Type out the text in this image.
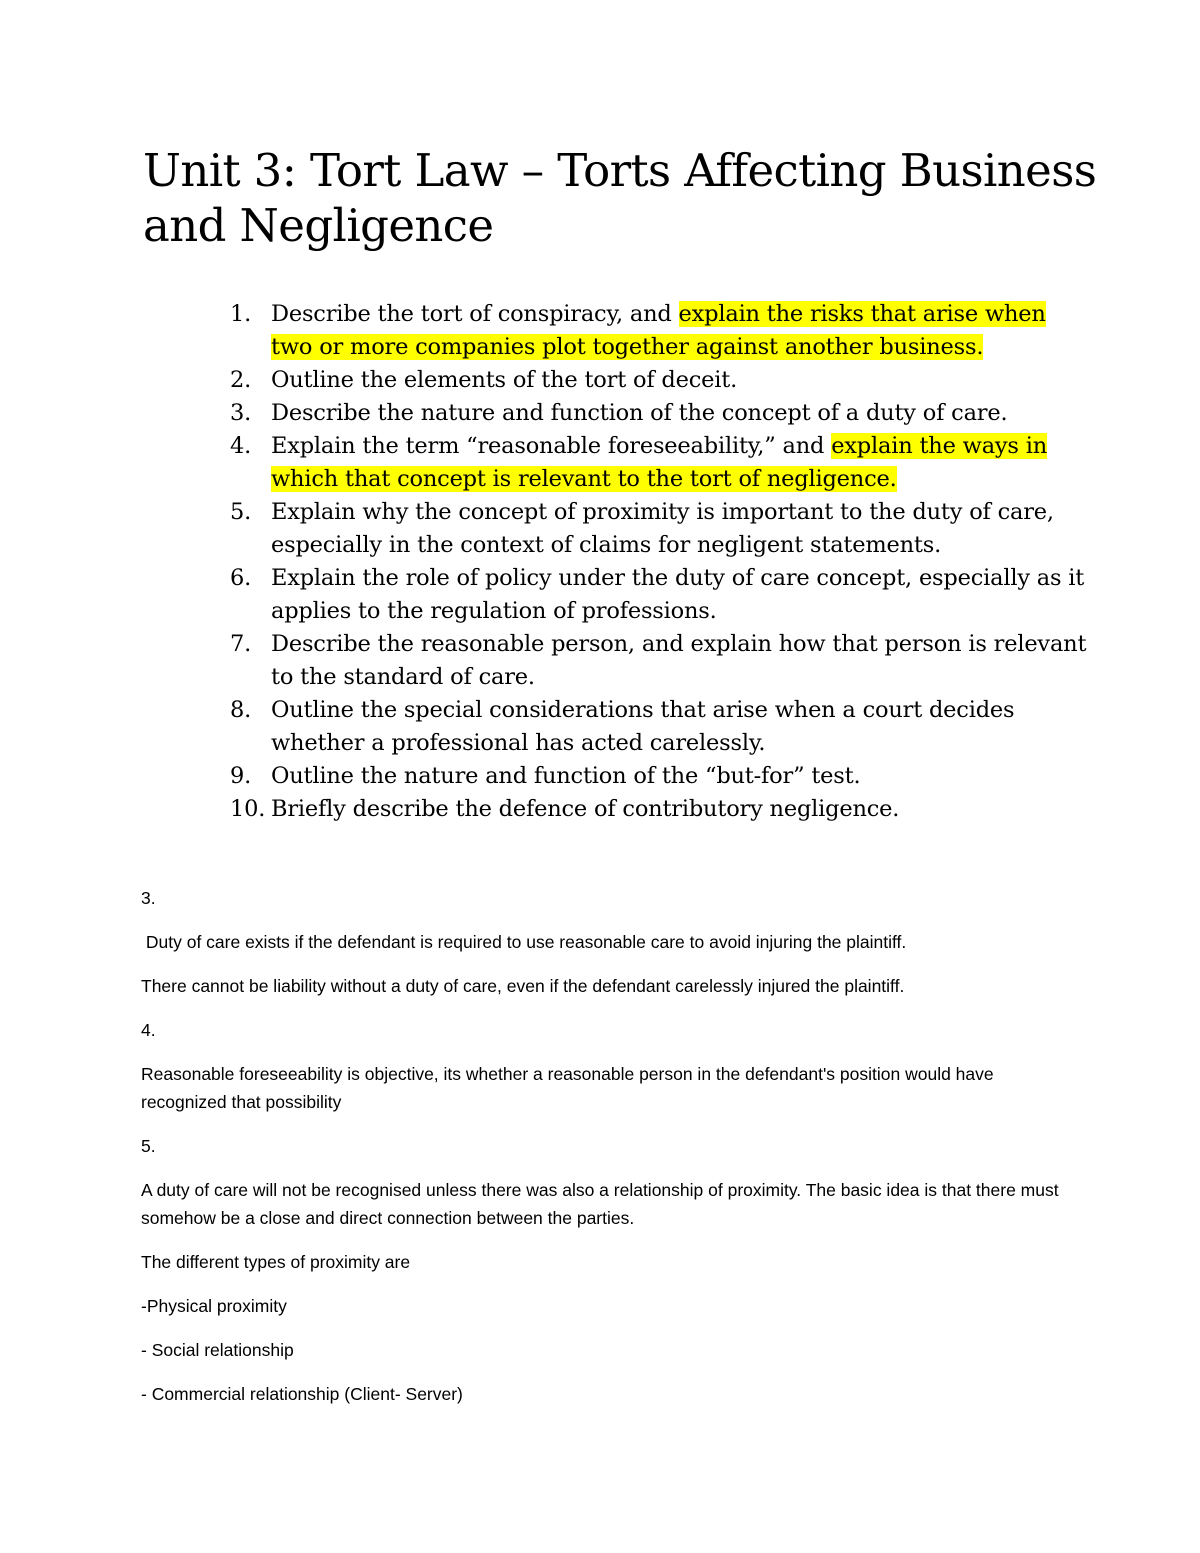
Unit 3: Tort Law – Torts Affecting Business and Negligence
1. Describe the tort of conspiracy, and explain the risks that arise when two or more companies plot together against another business.
2. Outline the elements of the tort of deceit.
3. Describe the nature and function of the concept of a duty of care.
4. Explain the term “reasonable foreseeability,” and explain the ways in which that concept is relevant to the tort of negligence.
5. Explain why the concept of proximity is important to the duty of care, especially in the context of claims for negligent statements.
6. Explain the role of policy under the duty of care concept, especially as it applies to the regulation of professions.
7. Describe the reasonable person, and explain how that person is relevant to the standard of care.
8. Outline the special considerations that arise when a court decides whether a professional has acted carelessly.
9. Outline the nature and function of the “but-for” test.
10. Briefly describe the defence of contributory negligence.

3.

Duty of care exists if the defendant is required to use reasonable care to avoid injuring the plaintiff.

There cannot be liability without a duty of care, even if the defendant carelessly injured the plaintiff.

4.

Reasonable foreseeability is objective, its whether a reasonable person in the defendant's position would have recognized that possibility

5.

A duty of care will not be recognised unless there was also a relationship of proximity. The basic idea is that there must somehow be a close and direct connection between the parties.

The different types of proximity are

-Physical proximity

- Social relationship

- Commercial relationship (Client- Server)
